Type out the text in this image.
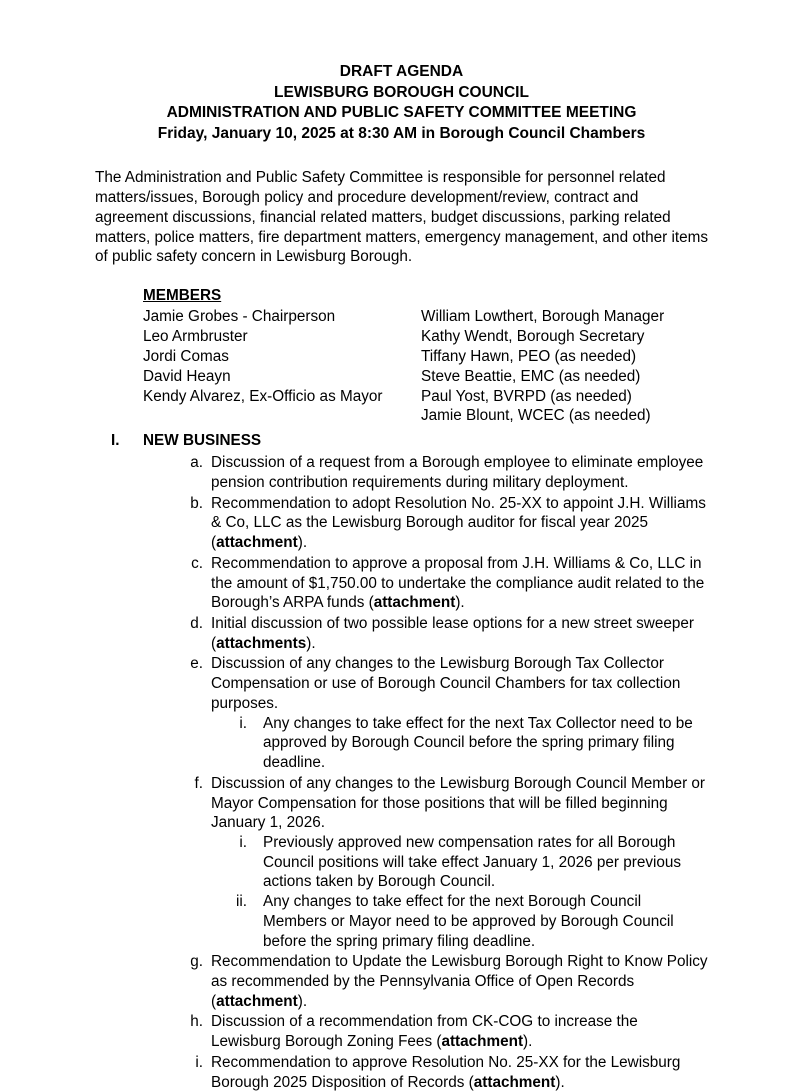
DRAFT AGENDA
LEWISBURG BOROUGH COUNCIL
ADMINISTRATION AND PUBLIC SAFETY COMMITTEE MEETING
Friday, January 10, 2025 at 8:30 AM in Borough Council Chambers

The Administration and Public Safety Committee is responsible for personnel related matters/issues, Borough policy and procedure development/review, contract and agreement discussions, financial related matters, budget discussions, parking related matters, police matters, fire department matters, emergency management, and other items of public safety concern in Lewisburg Borough.

MEMBERS
Jamie Grobes - Chairperson	William Lowthert, Borough Manager
Leo Armbruster	Kathy Wendt, Borough Secretary
Jordi Comas	Tiffany Hawn, PEO (as needed)
David Heayn	Steve Beattie, EMC (as needed)
Kendy Alvarez, Ex-Officio as Mayor	Paul Yost, BVRPD (as needed)
	Jamie Blount, WCEC (as needed)
I. NEW BUSINESS
a. Discussion of a request from a Borough employee to eliminate employee pension contribution requirements during military deployment.
b. Recommendation to adopt Resolution No. 25-XX to appoint J.H. Williams & Co, LLC as the Lewisburg Borough auditor for fiscal year 2025 (attachment).
c. Recommendation to approve a proposal from J.H. Williams & Co, LLC in the amount of $1,750.00 to undertake the compliance audit related to the Borough’s ARPA funds (attachment).
d. Initial discussion of two possible lease options for a new street sweeper (attachments).
e. Discussion of any changes to the Lewisburg Borough Tax Collector Compensation or use of Borough Council Chambers for tax collection purposes.
i. Any changes to take effect for the next Tax Collector need to be approved by Borough Council before the spring primary filing deadline.
f. Discussion of any changes to the Lewisburg Borough Council Member or Mayor Compensation for those positions that will be filled beginning January 1, 2026.
i. Previously approved new compensation rates for all Borough Council positions will take effect January 1, 2026 per previous actions taken by Borough Council.
ii. Any changes to take effect for the next Borough Council Members or Mayor need to be approved by Borough Council before the spring primary filing deadline.
g. Recommendation to Update the Lewisburg Borough Right to Know Policy as recommended by the Pennsylvania Office of Open Records (attachment).
h. Discussion of a recommendation from CK-COG to increase the Lewisburg Borough Zoning Fees (attachment).
i. Recommendation to approve Resolution No. 25-XX for the Lewisburg Borough 2025 Disposition of Records (attachment).
